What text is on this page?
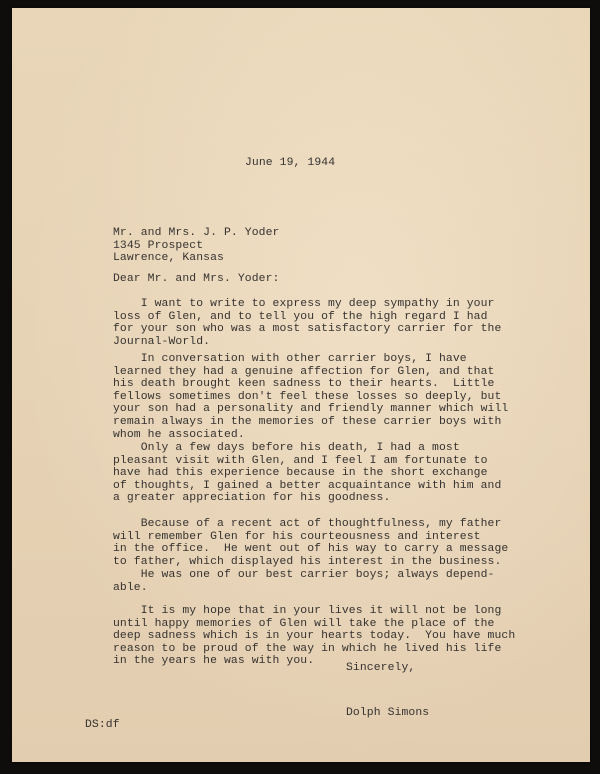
June 19, 1944
Mr. and Mrs. J. P. Yoder
1345 Prospect
Lawrence, Kansas
Dear Mr. and Mrs. Yoder:
I want to write to express my deep sympathy in your
loss of Glen, and to tell you of the high regard I had
for your son who was a most satisfactory carrier for the
Journal-World.
In conversation with other carrier boys, I have
learned they had a genuine affection for Glen, and that
his death brought keen sadness to their hearts.  Little
fellows sometimes don't feel these losses so deeply, but
your son had a personality and friendly manner which will
remain always in the memories of these carrier boys with
whom he associated.
Only a few days before his death, I had a most
pleasant visit with Glen, and I feel I am fortunate to
have had this experience because in the short exchange
of thoughts, I gained a better acquaintance with him and
a greater appreciation for his goodness.
Because of a recent act of thoughtfulness, my father
will remember Glen for his courteousness and interest
in the office.  He went out of his way to carry a message
to father, which displayed his interest in the business.
He was one of our best carrier boys; always depend-
able.
It is my hope that in your lives it will not be long
until happy memories of Glen will take the place of the
deep sadness which is in your hearts today.  You have much
reason to be proud of the way in which he lived his life
in the years he was with you.
Sincerely,
Dolph Simons
DS:df
